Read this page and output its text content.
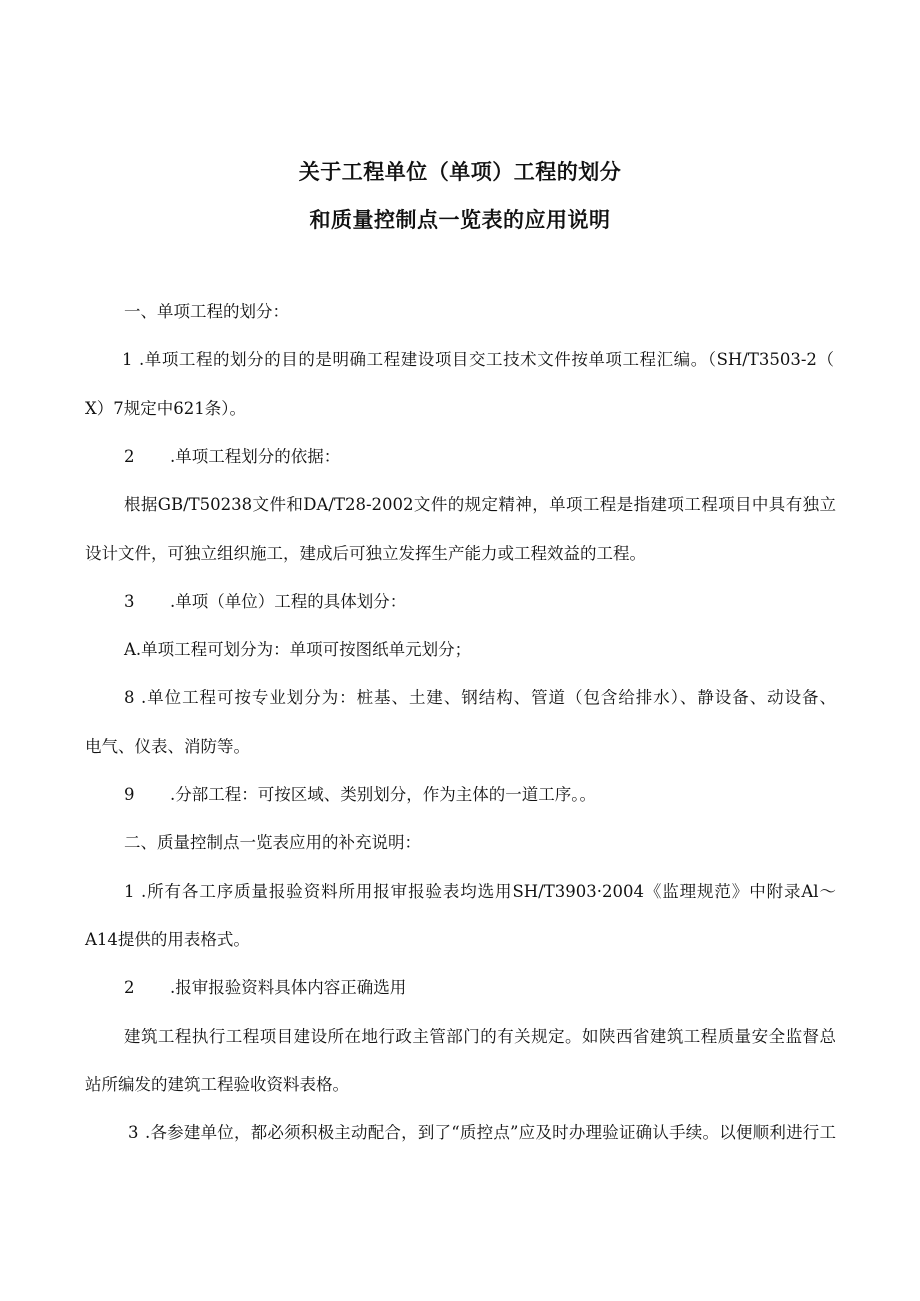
关于工程单位（单项）工程的划分
和质量控制点一览表的应用说明
一、单项工程的划分：
1 .单项工程的划分的目的是明确工程建设项目交工技术文件按单项工程汇编。（SH/T3503-2（
X）7规定中621条）。
2 .单项工程划分的依据：
根据GB/T50238文件和DA/T28-2002文件的规定精神，单项工程是指建项工程项目中具有独立
设计文件，可独立组织施工，建成后可独立发挥生产能力或工程效益的工程。
3 .单项（单位）工程的具体划分：
A.单项工程可划分为：单项可按图纸单元划分；
8 .单位工程可按专业划分为：桩基、土建、钢结构、管道（包含给排水）、静设备、动设备、
电气、仪表、消防等。
9 .分部工程：可按区域、类别划分，作为主体的一道工序。。
二、质量控制点一览表应用的补充说明：
1 .所有各工序质量报验资料所用报审报验表均选用SH/T3903·2004《监理规范》中附录Al～
A14提供的用表格式。
2 .报审报验资料具体内容正确选用
建筑工程执行工程项目建设所在地行政主管部门的有关规定。如陕西省建筑工程质量安全监督总
站所编发的建筑工程验收资料表格。
3 .各参建单位，都必须积极主动配合，到了“质控点”应及时办理验证确认手续。以便顺利进行工
